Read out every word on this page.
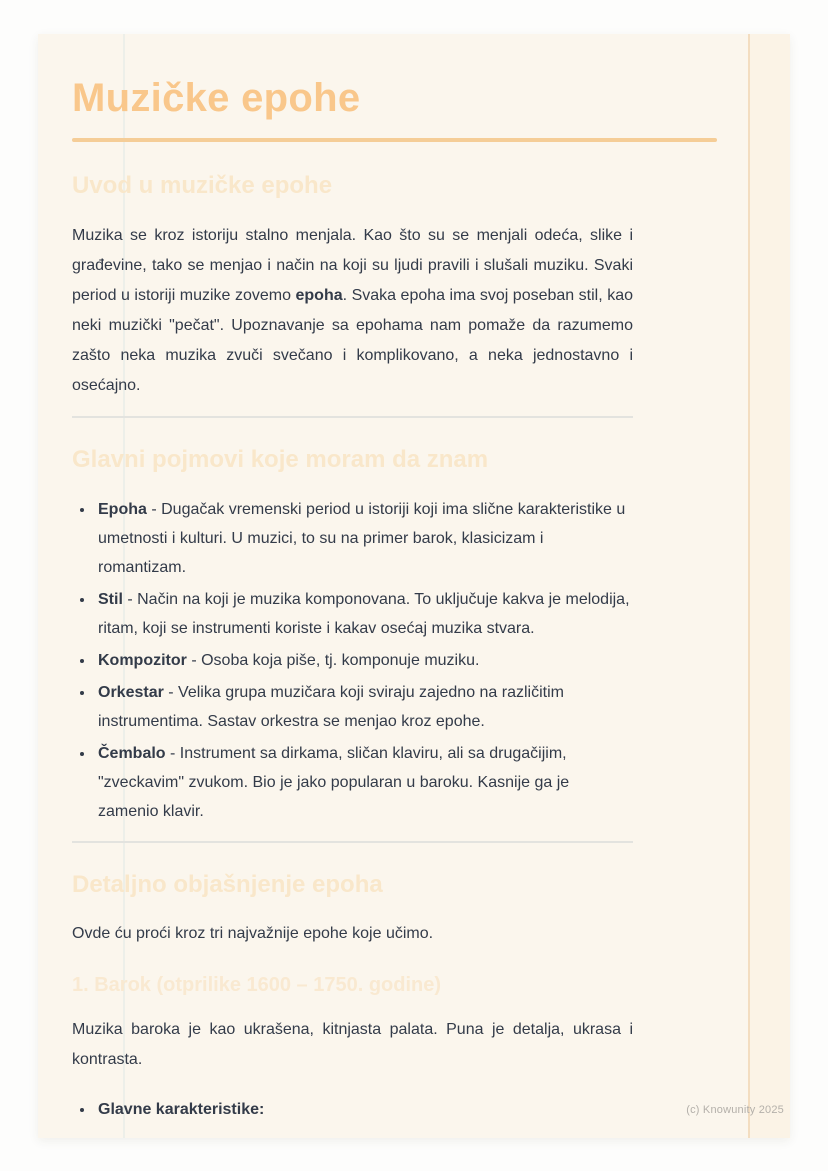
Muzičke epohe
Uvod u muzičke epohe

Muzika se kroz istoriju stalno menjala. Kao što su se menjali odeća, slike i građevine, tako se menjao i način na koji su ljudi pravili i slušali muziku. Svaki period u istoriji muzike zovemo epoha. Svaka epoha ima svoj poseban stil, kao neki muzički "pečat". Upoznavanje sa epohama nam pomaže da razumemo zašto neka muzika zvuči svečano i komplikovano, a neka jednostavno i osećajno.

Glavni pojmovi koje moram da znam
• Epoha - Dugačak vremenski period u istoriji koji ima slične karakteristike u umetnosti i kulturi. U muzici, to su na primer barok, klasicizam i romantizam.
• Stil - Način na koji je muzika komponovana. To uključuje kakva je melodija, ritam, koji se instrumenti koriste i kakav osećaj muzika stvara.
• Kompozitor - Osoba koja piše, tj. komponuje muziku.
• Orkestar - Velika grupa muzičara koji sviraju zajedno na različitim instrumentima. Sastav orkestra se menjao kroz epohe.
• Čembalo - Instrument sa dirkama, sličan klaviru, ali sa drugačijim, "zveckavim" zvukom. Bio je jako popularan u baroku. Kasnije ga je zamenio klavir.
Detaljno objašnjenje epoha

Ovde ću proći kroz tri najvažnije epohe koje učimo.

1. Barok (otprilike 1600 – 1750. godine)

Muzika baroka je kao ukrašena, kitnjasta palata. Puna je detalja, ukrasa i kontrasta.

• Glavne karakteristike:	(c) Knowunity 2025
